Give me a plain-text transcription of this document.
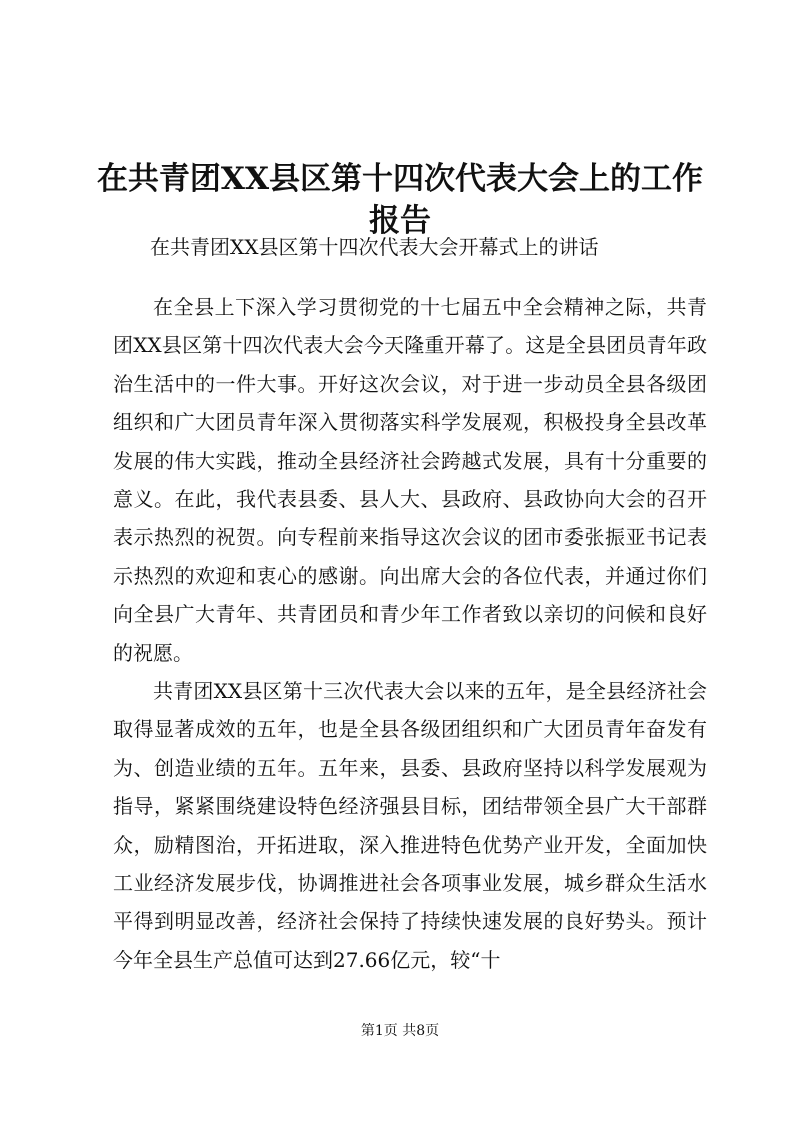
在共青团XX县区第十四次代表大会上的工作报告
在共青团XX县区第十四次代表大会开幕式上的讲话

在全县上下深入学习贯彻党的十七届五中全会精神之际，共青团XX县区第十四次代表大会今天隆重开幕了。这是全县团员青年政治生活中的一件大事。开好这次会议，对于进一步动员全县各级团组织和广大团员青年深入贯彻落实科学发展观，积极投身全县改革发展的伟大实践，推动全县经济社会跨越式发展，具有十分重要的意义。在此，我代表县委、县人大、县政府、县政协向大会的召开表示热烈的祝贺。向专程前来指导这次会议的团市委张振亚书记表示热烈的欢迎和衷心的感谢。向出席大会的各位代表，并通过你们向全县广大青年、共青团员和青少年工作者致以亲切的问候和良好的祝愿。

共青团XX县区第十三次代表大会以来的五年，是全县经济社会取得显著成效的五年，也是全县各级团组织和广大团员青年奋发有为、创造业绩的五年。五年来，县委、县政府坚持以科学发展观为指导，紧紧围绕建设特色经济强县目标，团结带领全县广大干部群众，励精图治，开拓进取，深入推进特色优势产业开发，全面加快工业经济发展步伐，协调推进社会各项事业发展，城乡群众生活水平得到明显改善，经济社会保持了持续快速发展的良好势头。预计今年全县生产总值可达到27.66亿元，较“十

第1页 共8页
